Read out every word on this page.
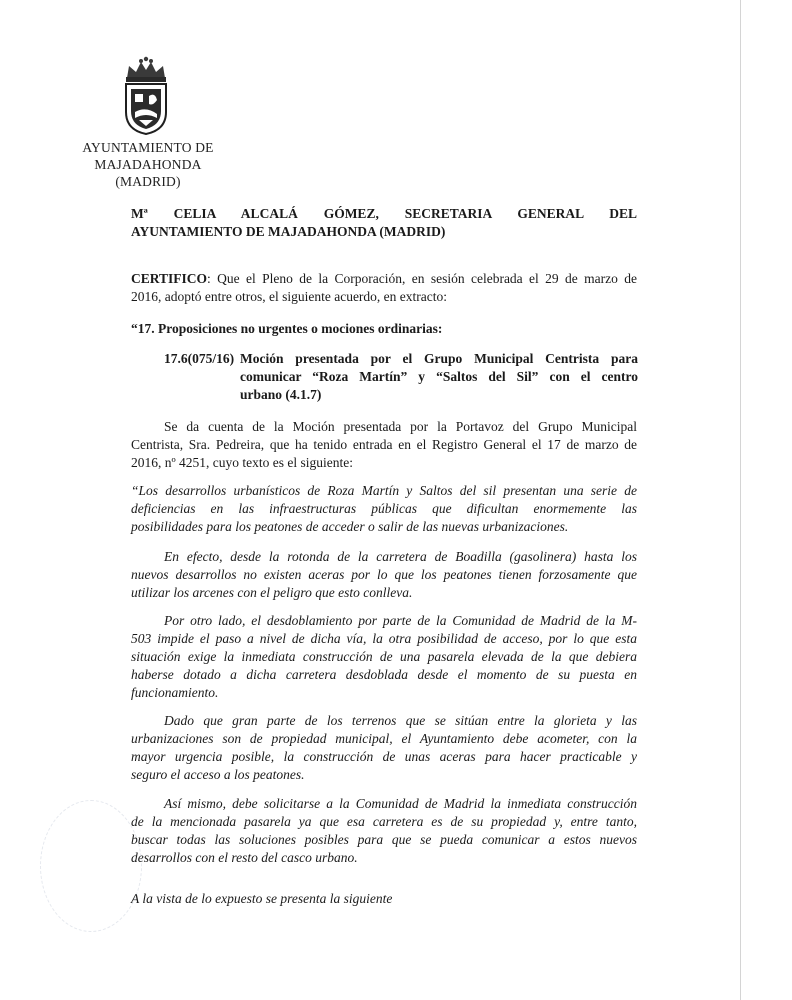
AYUNTAMIENTO DE
MAJADAHONDA
(MADRID)
Mª CELIA ALCALÁ GÓMEZ, SECRETARIA GENERAL DEL
AYUNTAMIENTO DE MAJADAHONDA (MADRID)
CERTIFICO: Que el Pleno de la Corporación, en sesión celebrada el 29 de marzo de
2016, adoptó entre otros, el siguiente acuerdo, en extracto:
“17. Proposiciones no urgentes o mociones ordinarias:
17.6(075/16) Moción presentada por el Grupo Municipal Centrista para
comunicar “Roza Martín” y “Saltos del Sil” con el centro
urbano (4.1.7)
Se da cuenta de la Moción presentada por la Portavoz del Grupo Municipal
Centrista, Sra. Pedreira, que ha tenido entrada en el Registro General el 17 de marzo de
2016, nº 4251, cuyo texto es el siguiente:
“Los desarrollos urbanísticos de Roza Martín y Saltos del sil presentan una serie de
deficiencias en las infraestructuras públicas que dificultan enormemente las
posibilidades para los peatones de acceder o salir de las nuevas urbanizaciones.
En efecto, desde la rotonda de la carretera de Boadilla (gasolinera) hasta los
nuevos desarrollos no existen aceras por lo que los peatones tienen forzosamente que
utilizar los arcenes con el peligro que esto conlleva.
Por otro lado, el desdoblamiento por parte de la Comunidad de Madrid de la M-
503 impide el paso a nivel de dicha vía, la otra posibilidad de acceso, por lo que esta
situación exige la inmediata construcción de una pasarela elevada de la que debiera
haberse dotado a dicha carretera desdoblada desde el momento de su puesta en
funcionamiento.
Dado que gran parte de los terrenos que se sitúan entre la glorieta y las
urbanizaciones son de propiedad municipal, el Ayuntamiento debe acometer, con la
mayor urgencia posible, la construcción de unas aceras para hacer practicable y
seguro el acceso a los peatones.
Así mismo, debe solicitarse a la Comunidad de Madrid la inmediata construcción
de la mencionada pasarela ya que esa carretera es de su propiedad y, entre tanto,
buscar todas las soluciones posibles para que se pueda comunicar a estos nuevos
desarrollos con el resto del casco urbano.
A la vista de lo expuesto se presenta la siguiente
